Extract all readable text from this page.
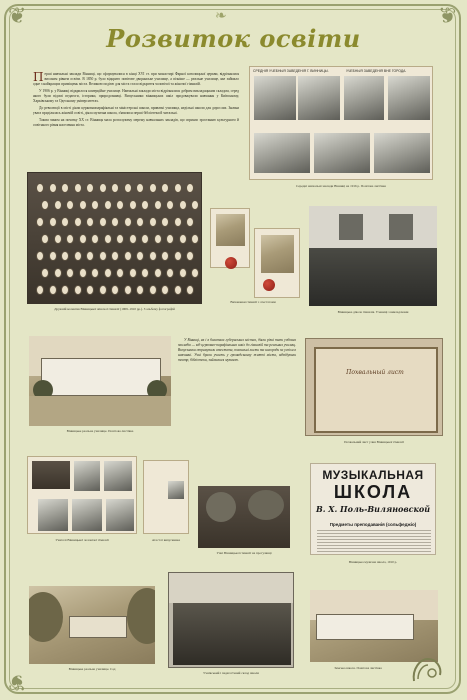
❦	❦
❦
❧
Розвиток освіти
П ерші навчальні заклади Вінниці, що сформувалися в кінці XVI ст. при монастирі Фарної католицької церкви, відрізнялися високим рівнем освіти. В 1850 р. було відкрито повітове дворянське училище, а пізніше — реальне училище, яке займало одне з найкращих приміщень міста. Великою подією для міста стало відкриття чоловічої та жіночої гімназій.

У 1906 р. у Вінниці відкрилося комерційне училище. Навчальні заклади міста відрізнялися добрим викладацьким складом, серед якого були відомі педагоги, історики, природознавці. Випускники вінницьких шкіл продовжували навчання у Київському, Харківському та Одеському університетах.

До революції в місті діяли церковнопарафіяльні та міністерські школи, приватні училища, недільні школи для дорослих. Значна увага приділялась жіночій освіті, діяла музична школа, з'явилися перші бібліотеки й читальні.

Таким чином на початку XX ст. Вінниця мала розгалужену мережу навчальних закладів, що сприяло зростанню культурного й освітнього рівня населення міста.

СРЕДНІЯ УЧЕБНЫЯ ЗАВЕДЕНІЯ Г. ВИННИЦЫ.	УЧЕБНЫЯ ЗАВЕДЕНІЯ ВНЕ ГОРОДА.
Середні навчальні заклади Вінниці на 1916 р. Поштова листівка
Дружній колектив Вінницької жіночої гімназії (1909–1910 рр.). З альбому фотографій
Вихованки гімназії з атестатами
Вінницька дівоча гімназія. Учениці з викладачами
Вінницьке реальне училище. Поштова листівка

У Вінниці, як і в багатьох губернських містах, діяли різні типи учбових закладів — від церковно-парафіяльних шкіл до гімназій та реальних училищ. Випускники отримували атестати, похвальні листи та нагороди за успіхи в навчанні. Учні брали участь у громадському житті міста, відвідували театр, бібліотеки, займалися музикою.

Похвальный лист
Похвальний лист учня Вінницької гімназії
Учителі Вінницької чоловічої гімназії	Атестат випускника
Учні Вінницької гімназії на прогулянці
МУЗЫКАЛЬНАЯ
ШКОЛА
В. Х. Поль-Виляновской
Предметы преподаванія (сольфеджіо)
Вінницька музична школа, 1910 р.
Вінницьке реальне училище. Сад
Учнівський і педагогічний склад школи
Земська школа. Поштова листівка
